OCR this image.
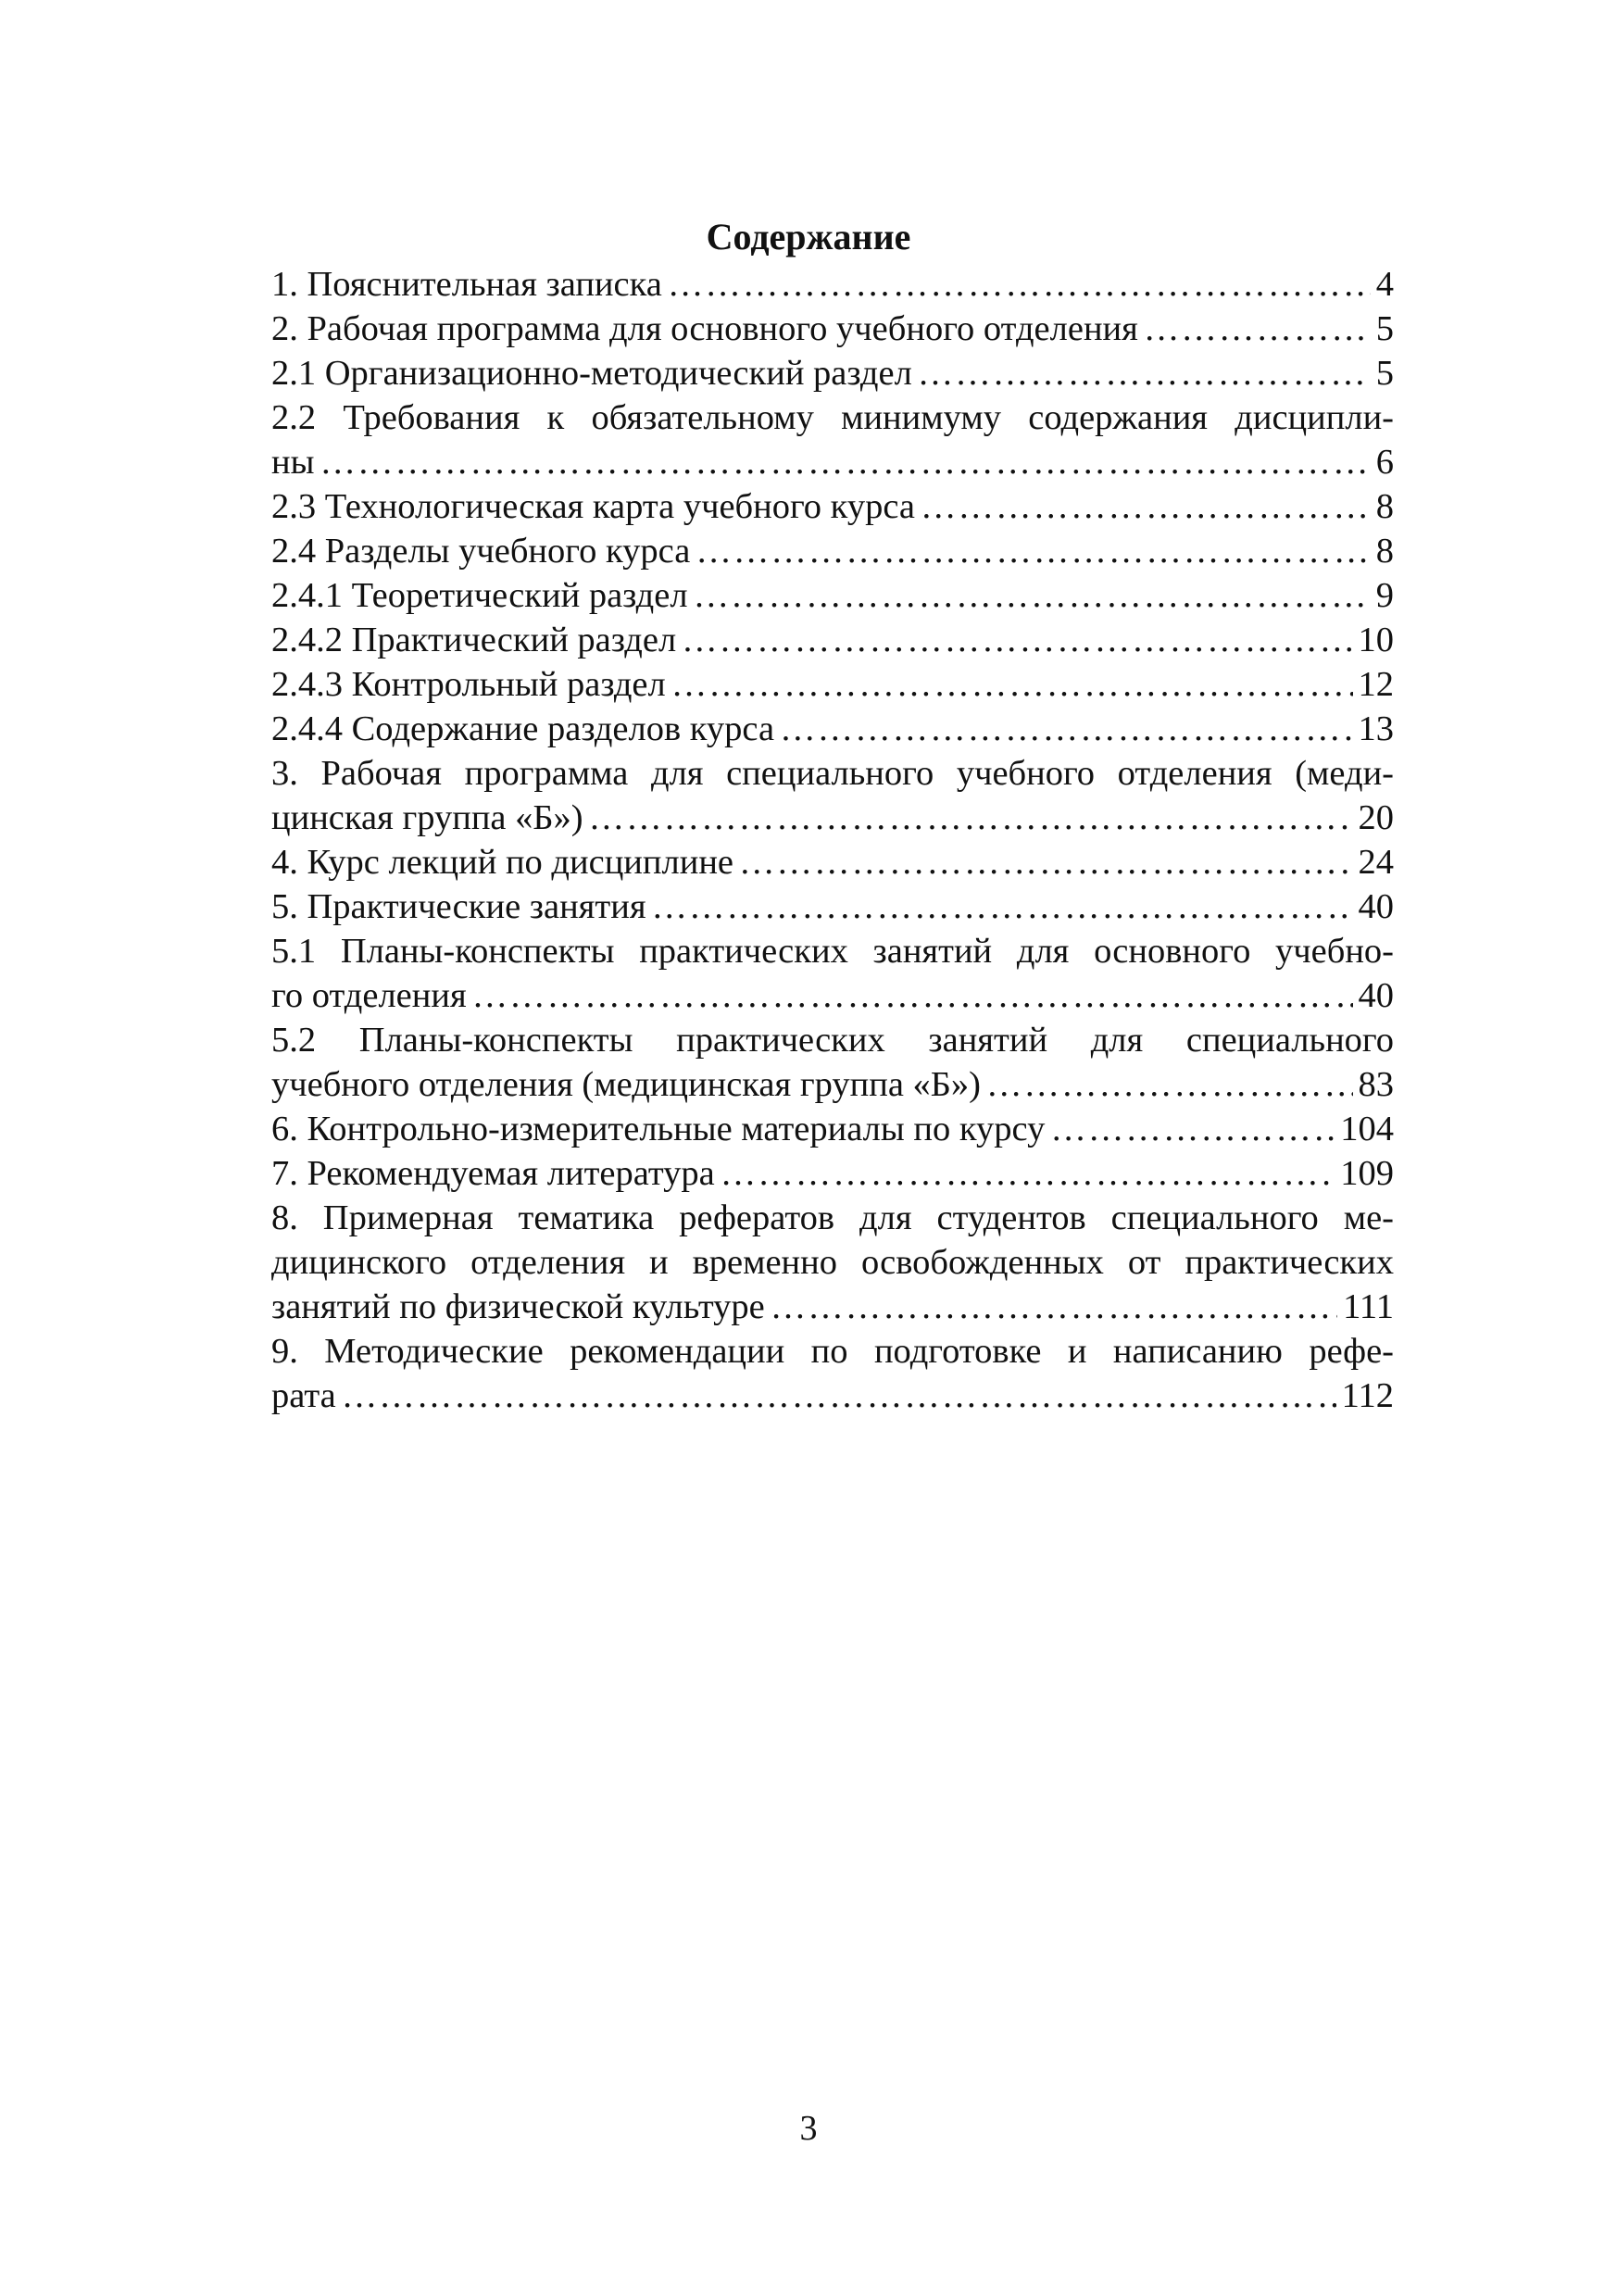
Содержание
1. Пояснительная записка ……………………………………………………………………………………………………………………………………………………………………………………………………	4
2. Рабочая программа для основного учебного отделения ……………………………………………………………………………………………………………………………………………………………………………………………………	5
2.1 Организационно-методический раздел ……………………………………………………………………………………………………………………………………………………………………………………………………	5
2.2 Требования к обязательному минимуму содержания дисципли-
ны ……………………………………………………………………………………………………………………………………………………………………………………………………	6
2.3 Технологическая карта учебного курса ……………………………………………………………………………………………………………………………………………………………………………………………………	8
2.4 Разделы учебного курса ……………………………………………………………………………………………………………………………………………………………………………………………………	8
2.4.1 Теоретический раздел ……………………………………………………………………………………………………………………………………………………………………………………………………	9
2.4.2 Практический раздел ……………………………………………………………………………………………………………………………………………………………………………………………………	10
2.4.3 Контрольный раздел ……………………………………………………………………………………………………………………………………………………………………………………………………	12
2.4.4 Содержание разделов курса ……………………………………………………………………………………………………………………………………………………………………………………………………	13
3. Рабочая программа для специального учебного отделения (меди-
цинская группа «Б») ……………………………………………………………………………………………………………………………………………………………………………………………………	20
4. Курс лекций по дисциплине ……………………………………………………………………………………………………………………………………………………………………………………………………	24
5. Практические занятия ……………………………………………………………………………………………………………………………………………………………………………………………………	40
5.1 Планы-конспекты практических занятий для основного учебно-
го отделения ……………………………………………………………………………………………………………………………………………………………………………………………………	40
5.2 Планы-конспекты практических занятий для специального
учебного отделения (медицинская группа «Б») ……………………………………………………………………………………………………………………………………………………………………………………………………	83
6. Контрольно-измерительные материалы по курсу ……………………………………………………………………………………………………………………………………………………………………………………………………	104
7. Рекомендуемая литература ……………………………………………………………………………………………………………………………………………………………………………………………………	109
8. Примерная тематика рефератов для студентов специального ме-
дицинского отделения и временно освобожденных от практических
занятий по физической культуре ……………………………………………………………………………………………………………………………………………………………………………………………………	111
9. Методические рекомендации по подготовке и написанию рефе-
рата ……………………………………………………………………………………………………………………………………………………………………………………………………	112
3
